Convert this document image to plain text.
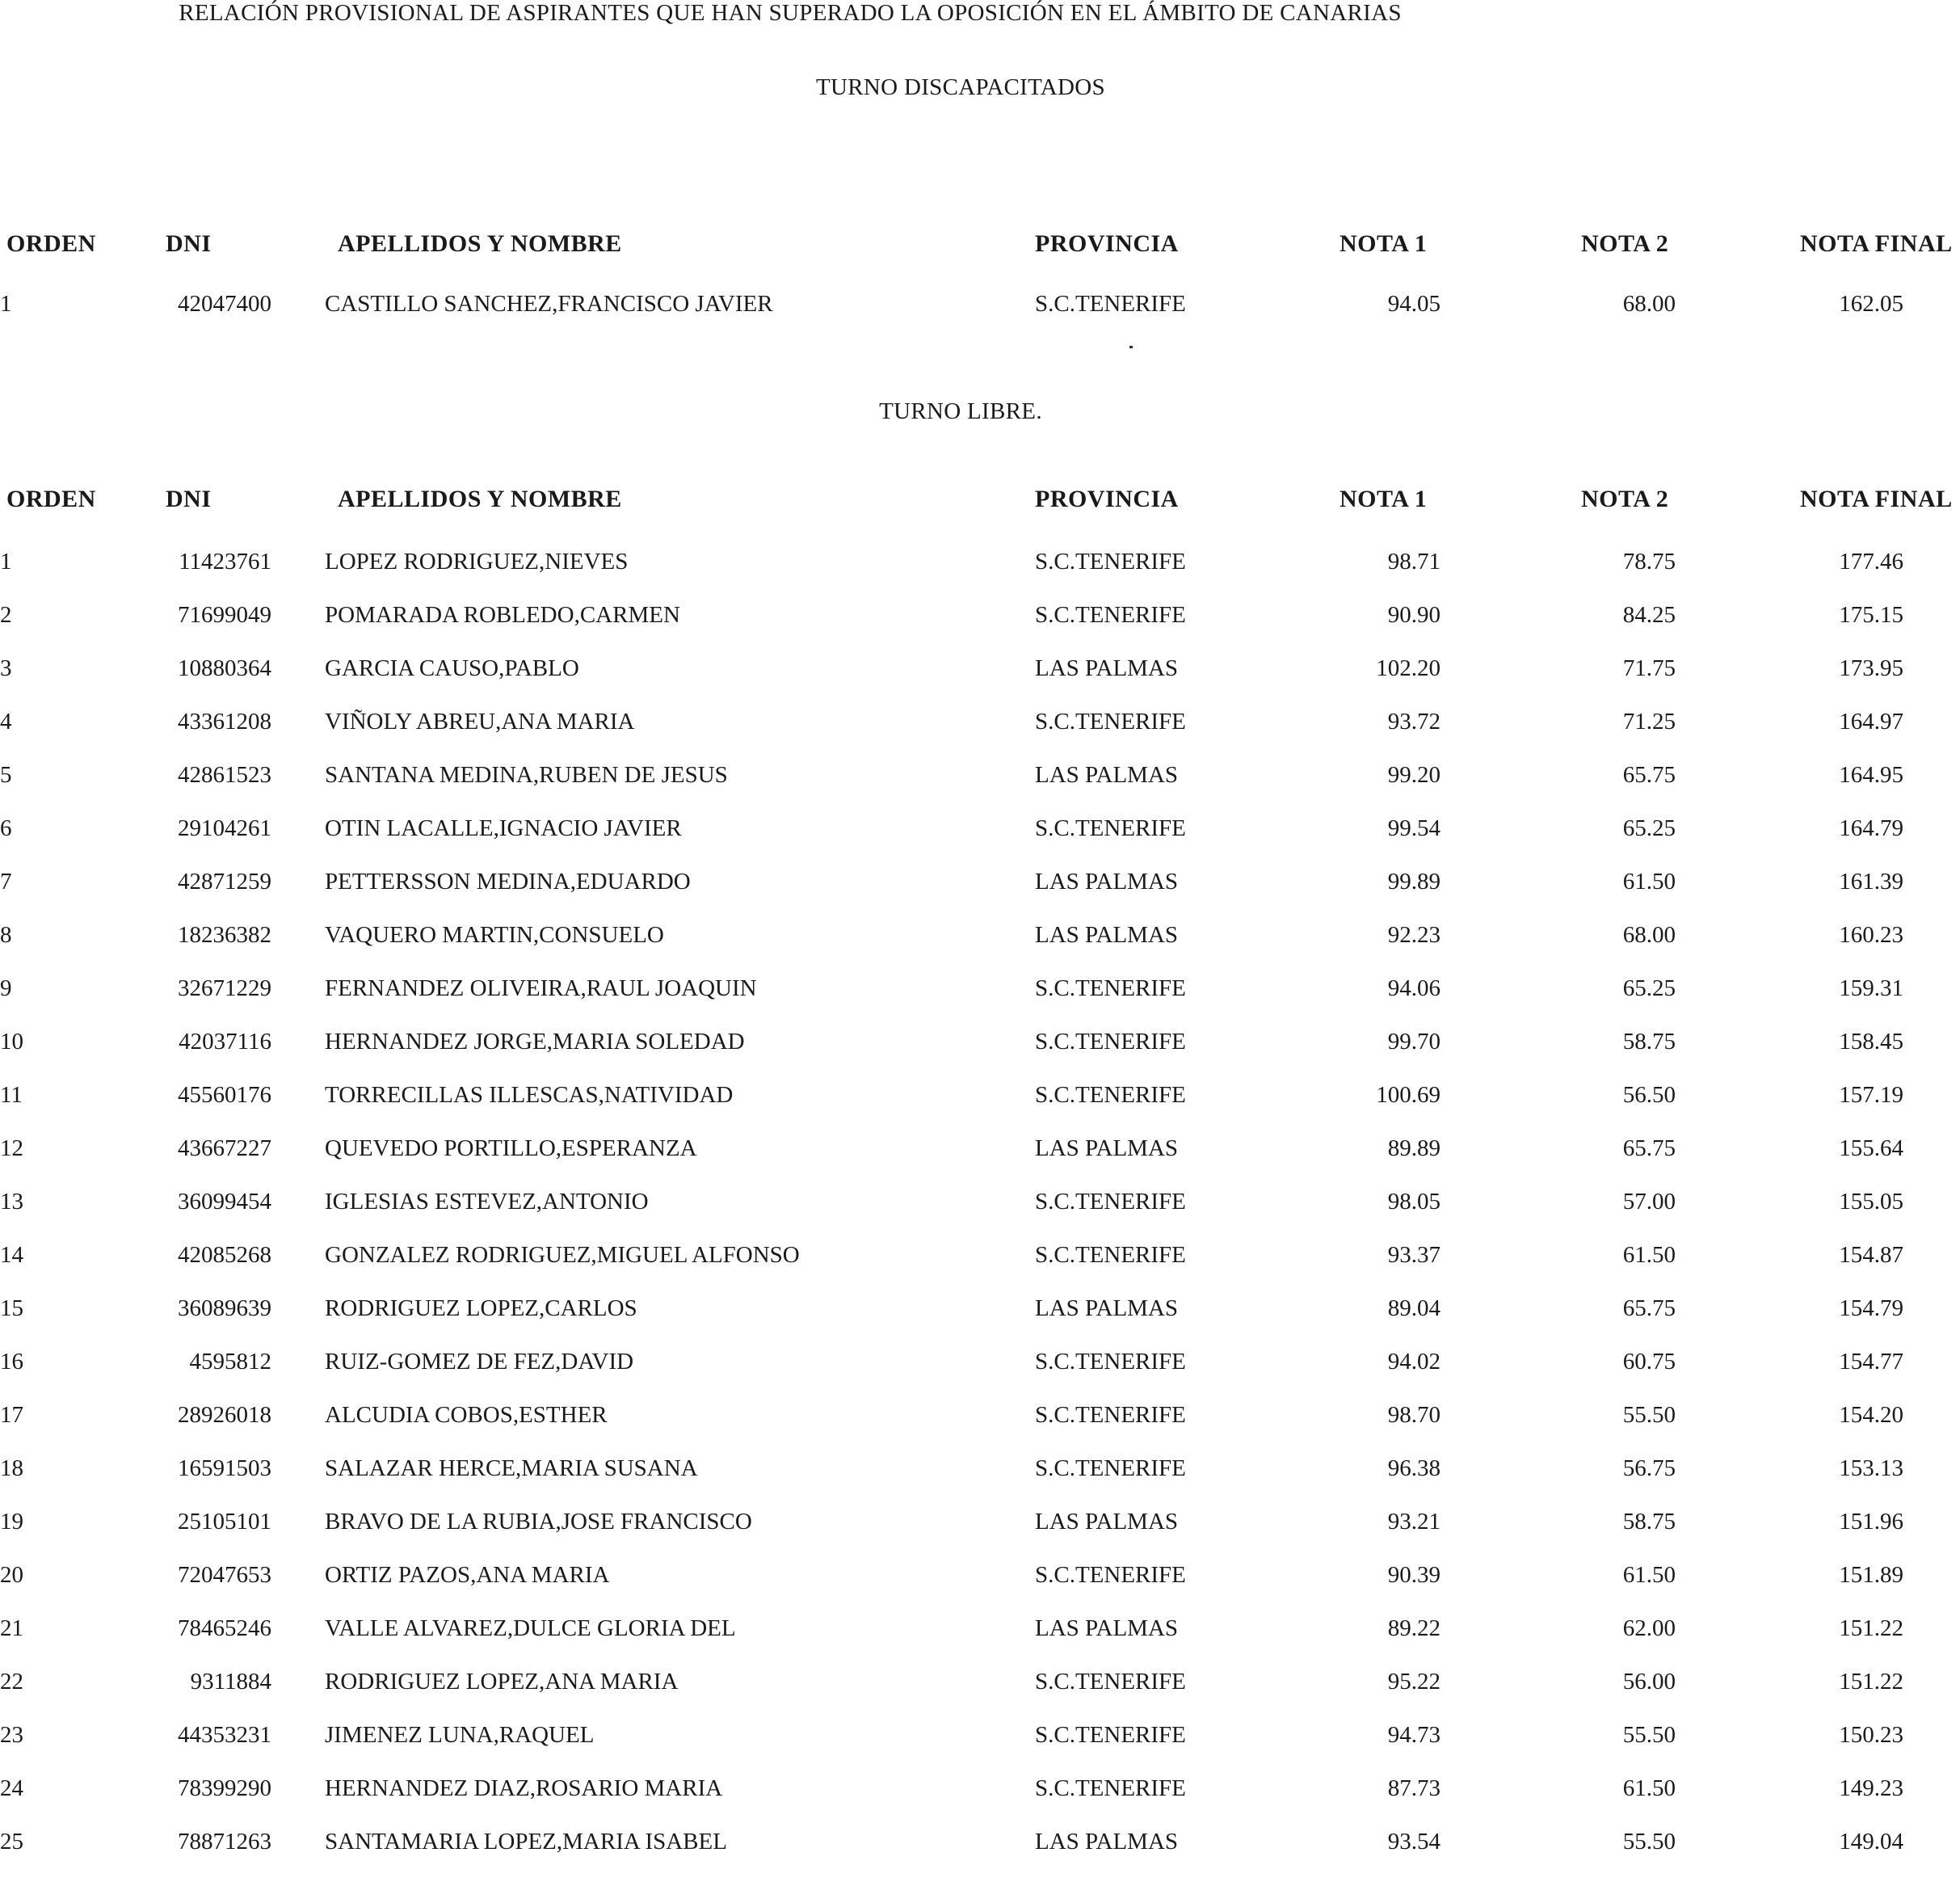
RELACIÓN PROVISIONAL DE ASPIRANTES QUE HAN SUPERADO LA OPOSICIÓN EN EL ÁMBITO DE CANARIAS
TURNO DISCAPACITADOS
ORDEN	DNI	APELLIDOS Y NOMBRE	PROVINCIA	NOTA 1	NOTA 2	NOTA FINAL
1	42047400 CASTILLO SANCHEZ,FRANCISCO JAVIER	S.C.TENERIFE	94.05	68.00	162.05
TURNO LIBRE.
ORDEN	DNI	APELLIDOS Y NOMBRE	PROVINCIA	NOTA 1	NOTA 2	NOTA FINAL
1	11423761 LOPEZ RODRIGUEZ,NIEVES	S.C.TENERIFE	98.71	78.75	177.46
2	71699049 POMARADA ROBLEDO,CARMEN	S.C.TENERIFE	90.90	84.25	175.15
3	10880364 GARCIA CAUSO,PABLO	LAS PALMAS	102.20	71.75	173.95
4	43361208 VIÑOLY ABREU,ANA MARIA	S.C.TENERIFE	93.72	71.25	164.97
5	42861523 SANTANA MEDINA,RUBEN DE JESUS	LAS PALMAS	99.20	65.75	164.95
6	29104261 OTIN LACALLE,IGNACIO JAVIER	S.C.TENERIFE	99.54	65.25	164.79
7	42871259 PETTERSSON MEDINA,EDUARDO	LAS PALMAS	99.89	61.50	161.39
8	18236382 VAQUERO MARTIN,CONSUELO	LAS PALMAS	92.23	68.00	160.23
9	32671229 FERNANDEZ OLIVEIRA,RAUL JOAQUIN	S.C.TENERIFE	94.06	65.25	159.31
10	42037116 HERNANDEZ JORGE,MARIA SOLEDAD	S.C.TENERIFE	99.70	58.75	158.45
11	45560176 TORRECILLAS ILLESCAS,NATIVIDAD	S.C.TENERIFE	100.69	56.50	157.19
12	43667227 QUEVEDO PORTILLO,ESPERANZA	LAS PALMAS	89.89	65.75	155.64
13	36099454 IGLESIAS ESTEVEZ,ANTONIO	S.C.TENERIFE	98.05	57.00	155.05
14	42085268 GONZALEZ RODRIGUEZ,MIGUEL ALFONSO	S.C.TENERIFE	93.37	61.50	154.87
15	36089639 RODRIGUEZ LOPEZ,CARLOS	LAS PALMAS	89.04	65.75	154.79
16	4595812 RUIZ-GOMEZ DE FEZ,DAVID	S.C.TENERIFE	94.02	60.75	154.77
17	28926018 ALCUDIA COBOS,ESTHER	S.C.TENERIFE	98.70	55.50	154.20
18	16591503 SALAZAR HERCE,MARIA SUSANA	S.C.TENERIFE	96.38	56.75	153.13
19	25105101 BRAVO DE LA RUBIA,JOSE FRANCISCO	LAS PALMAS	93.21	58.75	151.96
20	72047653 ORTIZ PAZOS,ANA MARIA	S.C.TENERIFE	90.39	61.50	151.89
21	78465246 VALLE ALVAREZ,DULCE GLORIA DEL	LAS PALMAS	89.22	62.00	151.22
22	9311884 RODRIGUEZ LOPEZ,ANA MARIA	S.C.TENERIFE	95.22	56.00	151.22
23	44353231 JIMENEZ LUNA,RAQUEL	S.C.TENERIFE	94.73	55.50	150.23
24	78399290 HERNANDEZ DIAZ,ROSARIO MARIA	S.C.TENERIFE	87.73	61.50	149.23
25	78871263 SANTAMARIA LOPEZ,MARIA ISABEL	LAS PALMAS	93.54	55.50	149.04
